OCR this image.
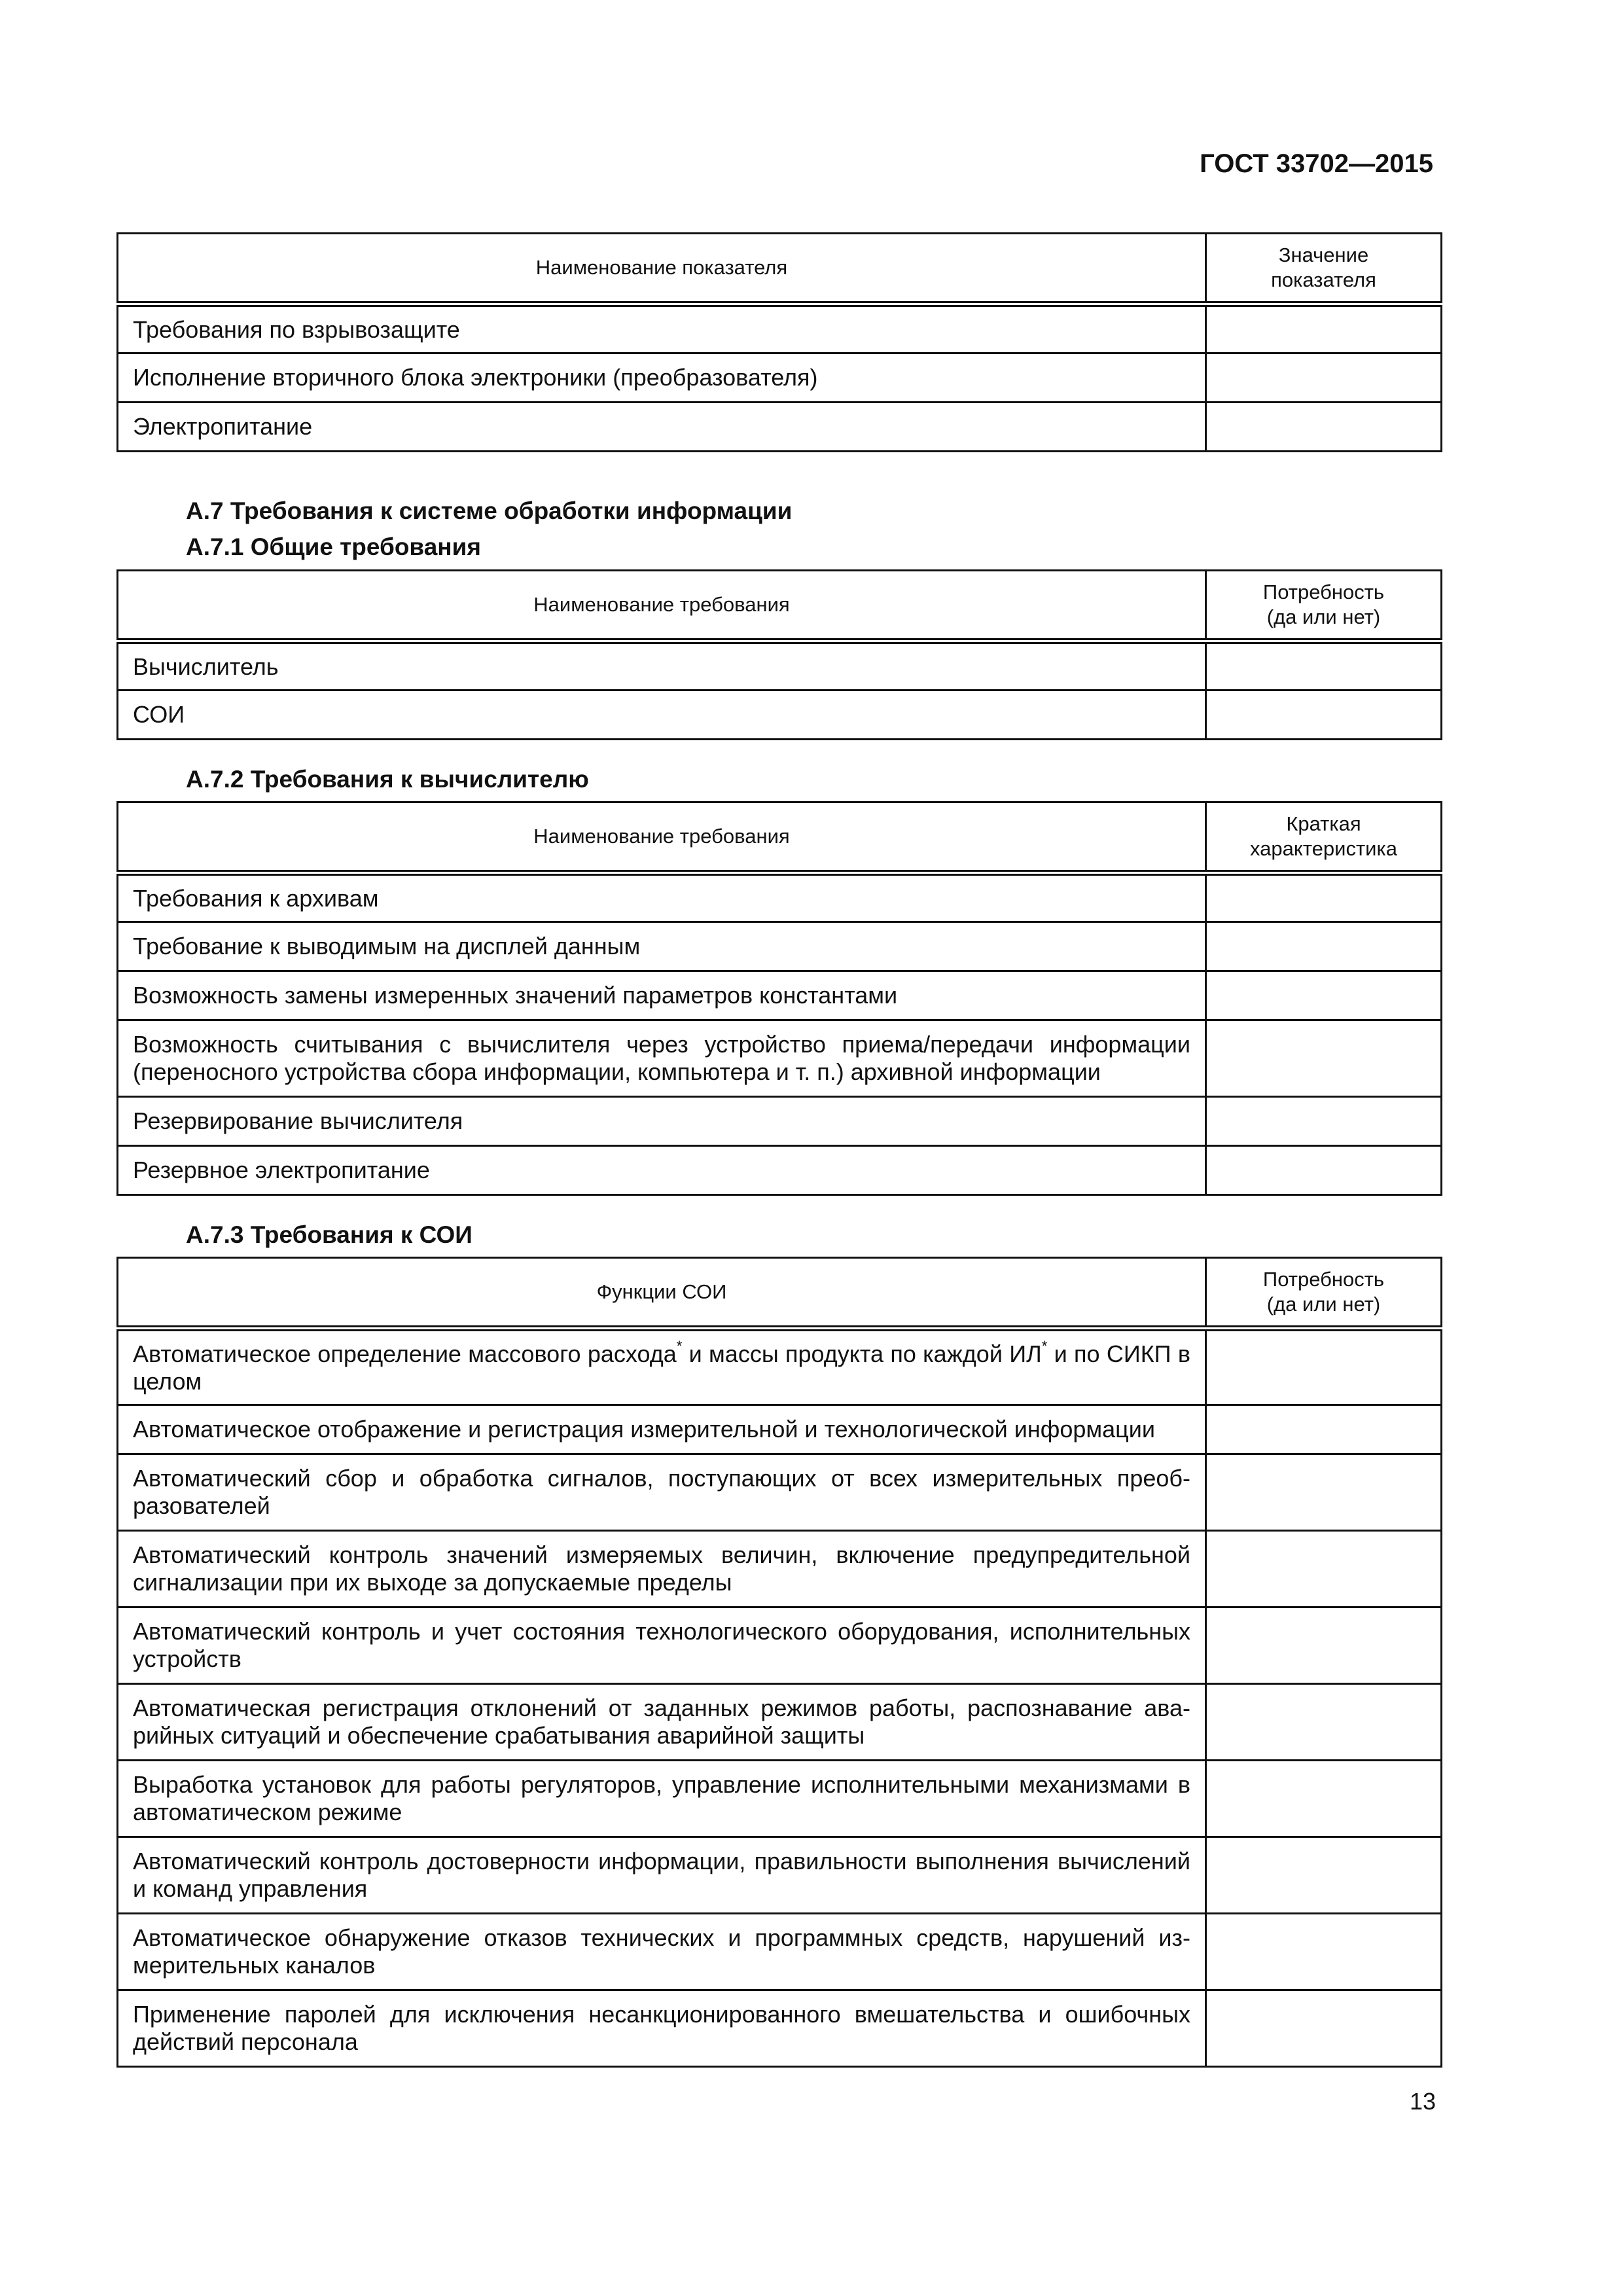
ГОСТ 33702—2015
Наименование показателя	Значение
показателя
Требования по взрывозащите	
Исполнение вторичного блока электроники (преобразователя)	
Электропитание	
А.7 Требования к системе обработки информации
А.7.1 Общие требования
Наименование требования	Потребность
(да или нет)
Вычислитель	
СОИ	
А.7.2 Требования к вычислителю
Наименование требования	Краткая
характеристика
Требования к архивам	
Требование к выводимым на дисплей данным	
Возможность замены измеренных значений параметров константами	
Возможность считывания с вычислителя через устройство приема/передачи информации (переносного устройства сбора информации, компьютера и т. п.) архивной информации	
Резервирование вычислителя	
Резервное электропитание	
А.7.3 Требования к СОИ
Функции СОИ	Потребность
(да или нет)
Автоматическое определение массового расхода* и массы продукта по каждой ИЛ* и по СИКП в целом	
Автоматическое отображение и регистрация измерительной и технологической информации	
Автоматический сбор и обработка сигналов, поступающих от всех измерительных преобразователей	
Автоматический контроль значений измеряемых величин, включение предупредительной сигнализации при их выходе за допускаемые пределы	
Автоматический контроль и учет состояния технологического оборудования, исполнительных устройств	
Автоматическая регистрация отклонений от заданных режимов работы, распознавание аварийных ситуаций и обеспечение срабатывания аварийной защиты	
Выработка установок для работы регуляторов, управление исполнительными механизмами в автоматическом режиме	
Автоматический контроль достоверности информации, правильности выполнения вычислений и команд управления	
Автоматическое обнаружение отказов технических и программных средств, нарушений измерительных каналов	
Применение паролей для исключения несанкционированного вмешательства и ошибочных действий персонала	
13
